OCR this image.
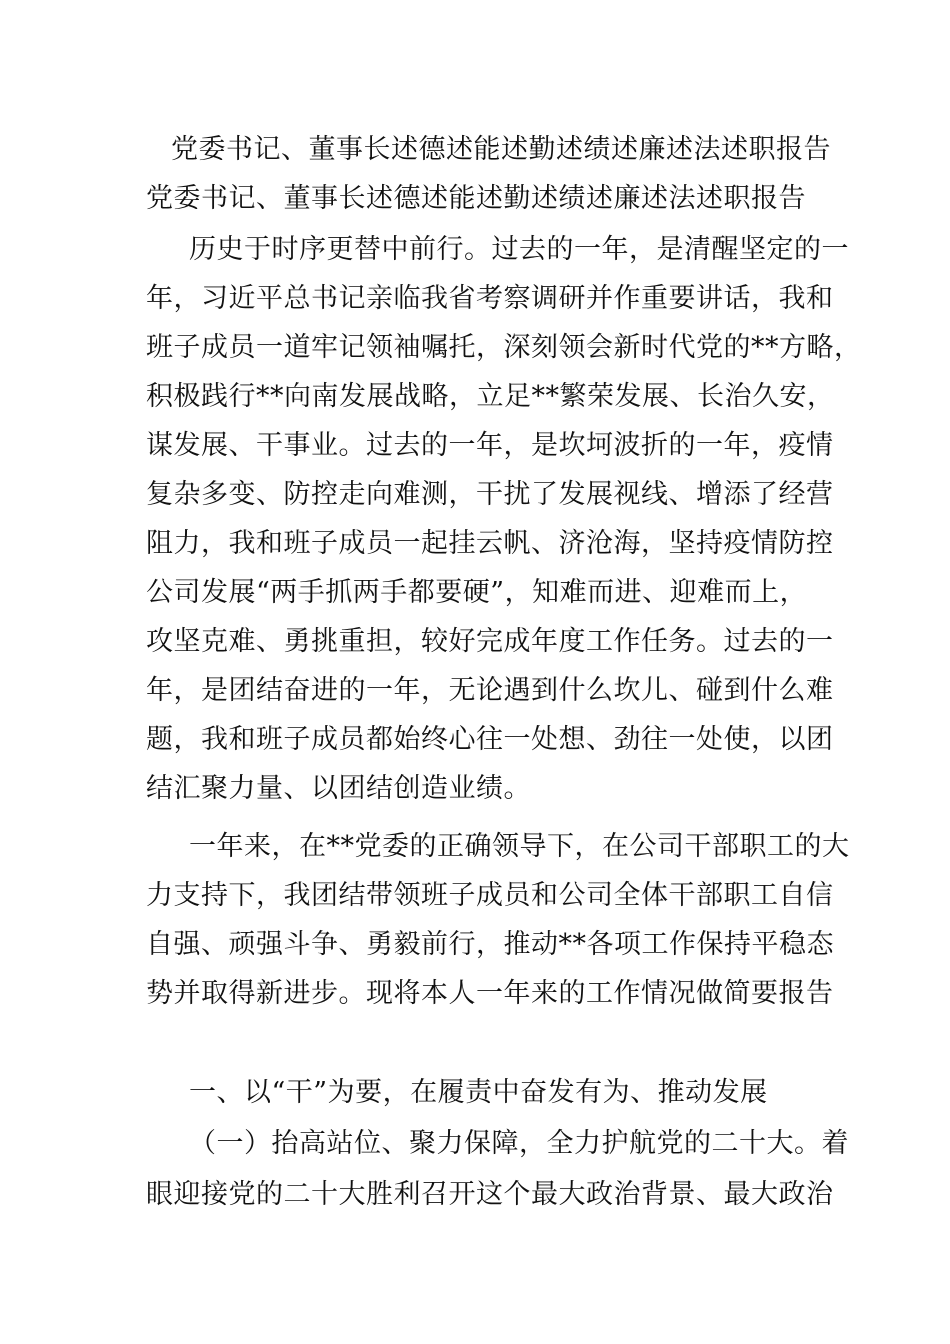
党委书记、董事长述德述能述勤述绩述廉述法述职报告
党委书记、董事长述德述能述勤述绩述廉述法述职报告
历史于时序更替中前行。过去的一年，是清醒坚定的一
年，习近平总书记亲临我省考察调研并作重要讲话，我和
班子成员一道牢记领袖嘱托，深刻领会新时代党的**方略，
积极践行**向南发展战略，立足**繁荣发展、长治久安，
谋发展、干事业。过去的一年，是坎坷波折的一年，疫情
复杂多变、防控走向难测，干扰了发展视线、增添了经营
阻力，我和班子成员一起挂云帆、济沧海，坚持疫情防控
公司发展“两手抓两手都要硬”，知难而进、迎难而上，
攻坚克难、勇挑重担，较好完成年度工作任务。过去的一
年，是团结奋进的一年，无论遇到什么坎儿、碰到什么难
题，我和班子成员都始终心往一处想、劲往一处使，以团
结汇聚力量、以团结创造业绩。
一年来，在**党委的正确领导下，在公司干部职工的大
力支持下，我团结带领班子成员和公司全体干部职工自信
自强、顽强斗争、勇毅前行，推动**各项工作保持平稳态
势并取得新进步。现将本人一年来的工作情况做简要报告
一、以“干”为要，在履责中奋发有为、推动发展
（一）抬高站位、聚力保障，全力护航党的二十大。着
眼迎接党的二十大胜利召开这个最大政治背景、最大政治
